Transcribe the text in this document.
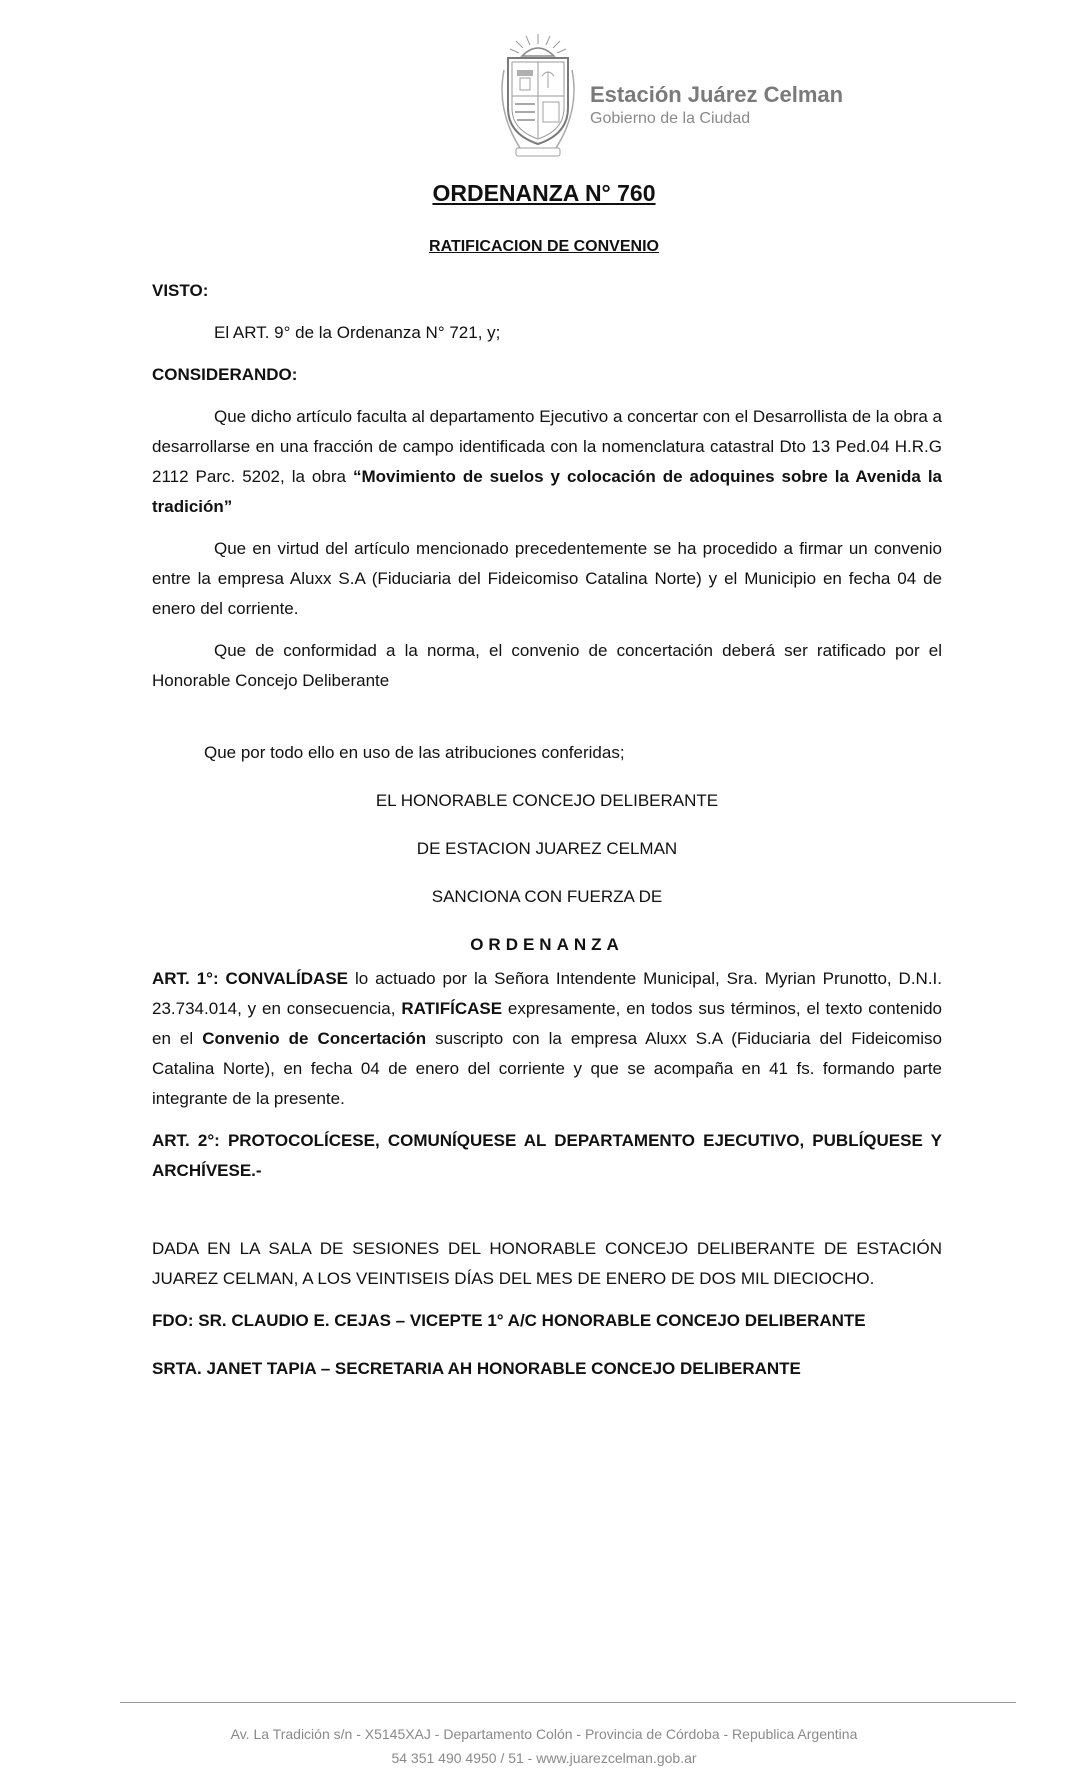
Estación Juárez Celman
Gobierno de la Ciudad
ORDENANZA N° 760
RATIFICACION DE CONVENIO
VISTO:
El ART. 9° de la Ordenanza N° 721, y;
CONSIDERANDO:
Que dicho artículo faculta al departamento Ejecutivo a concertar con el Desarrollista de la obra a desarrollarse en una fracción de campo identificada con la nomenclatura catastral Dto 13 Ped.04 H.R.G 2112 Parc. 5202, la obra “Movimiento de suelos y colocación de adoquines sobre la Avenida la tradición”
Que en virtud del artículo mencionado precedentemente se ha procedido a firmar un convenio entre la empresa Aluxx S.A (Fiduciaria del Fideicomiso Catalina Norte) y el Municipio en fecha 04 de enero del corriente.
Que de conformidad a la norma, el convenio de concertación deberá ser ratificado por el Honorable Concejo Deliberante
Que por todo ello en uso de las atribuciones conferidas;
EL HONORABLE CONCEJO DELIBERANTE
DE ESTACION JUAREZ CELMAN
SANCIONA CON FUERZA DE
ORDENANZA
ART. 1°: CONVALÍDASE lo actuado por la Señora Intendente Municipal, Sra. Myrian Prunotto, D.N.I. 23.734.014, y en consecuencia, RATIFÍCASE expresamente, en todos sus términos, el texto contenido en el Convenio de Concertación suscripto con la empresa Aluxx S.A (Fiduciaria del Fideicomiso Catalina Norte), en fecha 04 de enero del corriente y que se acompaña en 41 fs. formando parte integrante de la presente.
ART. 2°: PROTOCOLÍCESE, COMUNÍQUESE AL DEPARTAMENTO EJECUTIVO, PUBLÍQUESE Y ARCHÍVESE.-
DADA EN LA SALA DE SESIONES DEL HONORABLE CONCEJO DELIBERANTE DE ESTACIÓN JUAREZ CELMAN, A LOS VEINTISEIS DÍAS DEL MES DE ENERO DE DOS MIL DIECIOCHO.
FDO: SR. CLAUDIO E. CEJAS – VICEPTE 1° A/C HONORABLE CONCEJO DELIBERANTE
SRTA. JANET TAPIA – SECRETARIA AH HONORABLE CONCEJO DELIBERANTE
Av. La Tradición s/n - X5145XAJ - Departamento Colón - Provincia de Córdoba - Republica Argentina
54 351 490 4950 / 51 - www.juarezcelman.gob.ar
